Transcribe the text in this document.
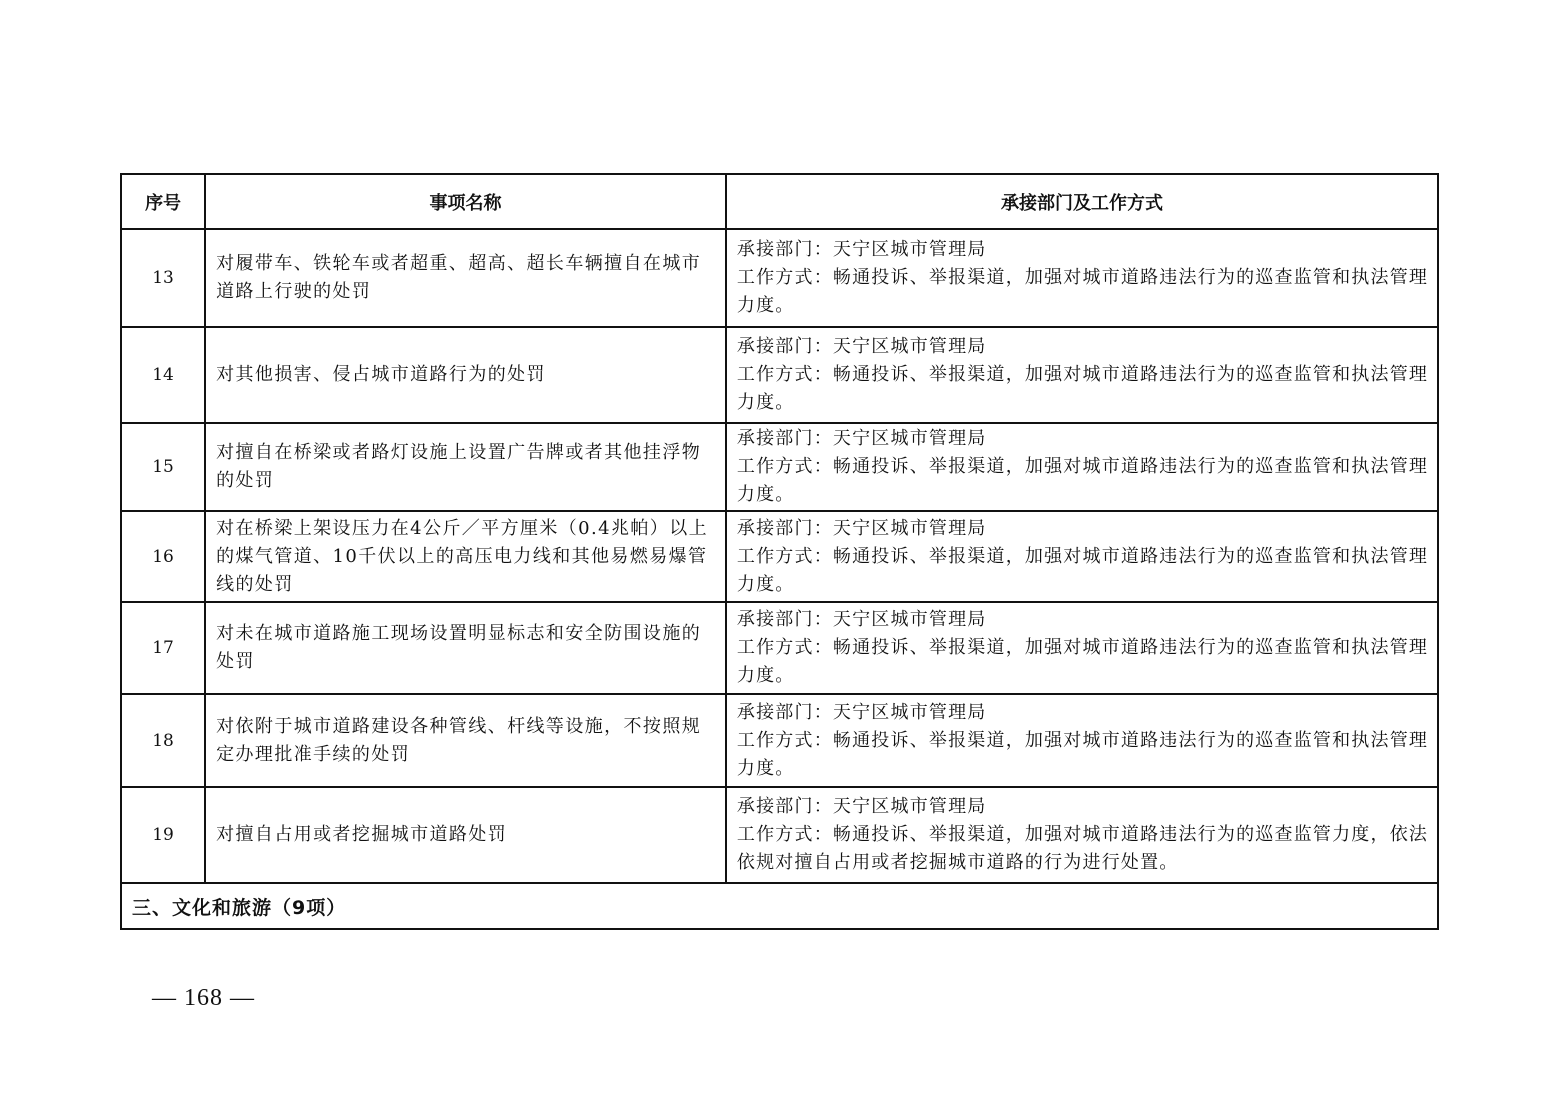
序号	事项名称	承接部门及工作方式
13	对履带车、铁轮车或者超重、超高、超长车辆擅自在城市道路上行驶的处罚	承接部门：天宁区城市管理局
工作方式：畅通投诉、举报渠道，加强对城市道路违法行为的巡查监管和执法管理
力度。

14	对其他损害、侵占城市道路行为的处罚	承接部门：天宁区城市管理局
工作方式：畅通投诉、举报渠道，加强对城市道路违法行为的巡查监管和执法管理
力度。

15	对擅自在桥梁或者路灯设施上设置广告牌或者其他挂浮物的处罚	承接部门：天宁区城市管理局
工作方式：畅通投诉、举报渠道，加强对城市道路违法行为的巡查监管和执法管理
力度。

16	对在桥梁上架设压力在4公斤／平方厘米（0.4兆帕）以上的煤气管道、10千伏以上的高压电力线和其他易燃易爆管线的处罚	承接部门：天宁区城市管理局
工作方式：畅通投诉、举报渠道，加强对城市道路违法行为的巡查监管和执法管理
力度。

17	对未在城市道路施工现场设置明显标志和安全防围设施的处罚	承接部门：天宁区城市管理局
工作方式：畅通投诉、举报渠道，加强对城市道路违法行为的巡查监管和执法管理
力度。

18	对依附于城市道路建设各种管线、杆线等设施，不按照规定办理批准手续的处罚	承接部门：天宁区城市管理局
工作方式：畅通投诉、举报渠道，加强对城市道路违法行为的巡查监管和执法管理
力度。

19	对擅自占用或者挖掘城市道路处罚	承接部门：天宁区城市管理局
工作方式：畅通投诉、举报渠道，加强对城市道路违法行为的巡查监管力度，依法
依规对擅自占用或者挖掘城市道路的行为进行处置。

三、文化和旅游（9项）		
— 168 —
